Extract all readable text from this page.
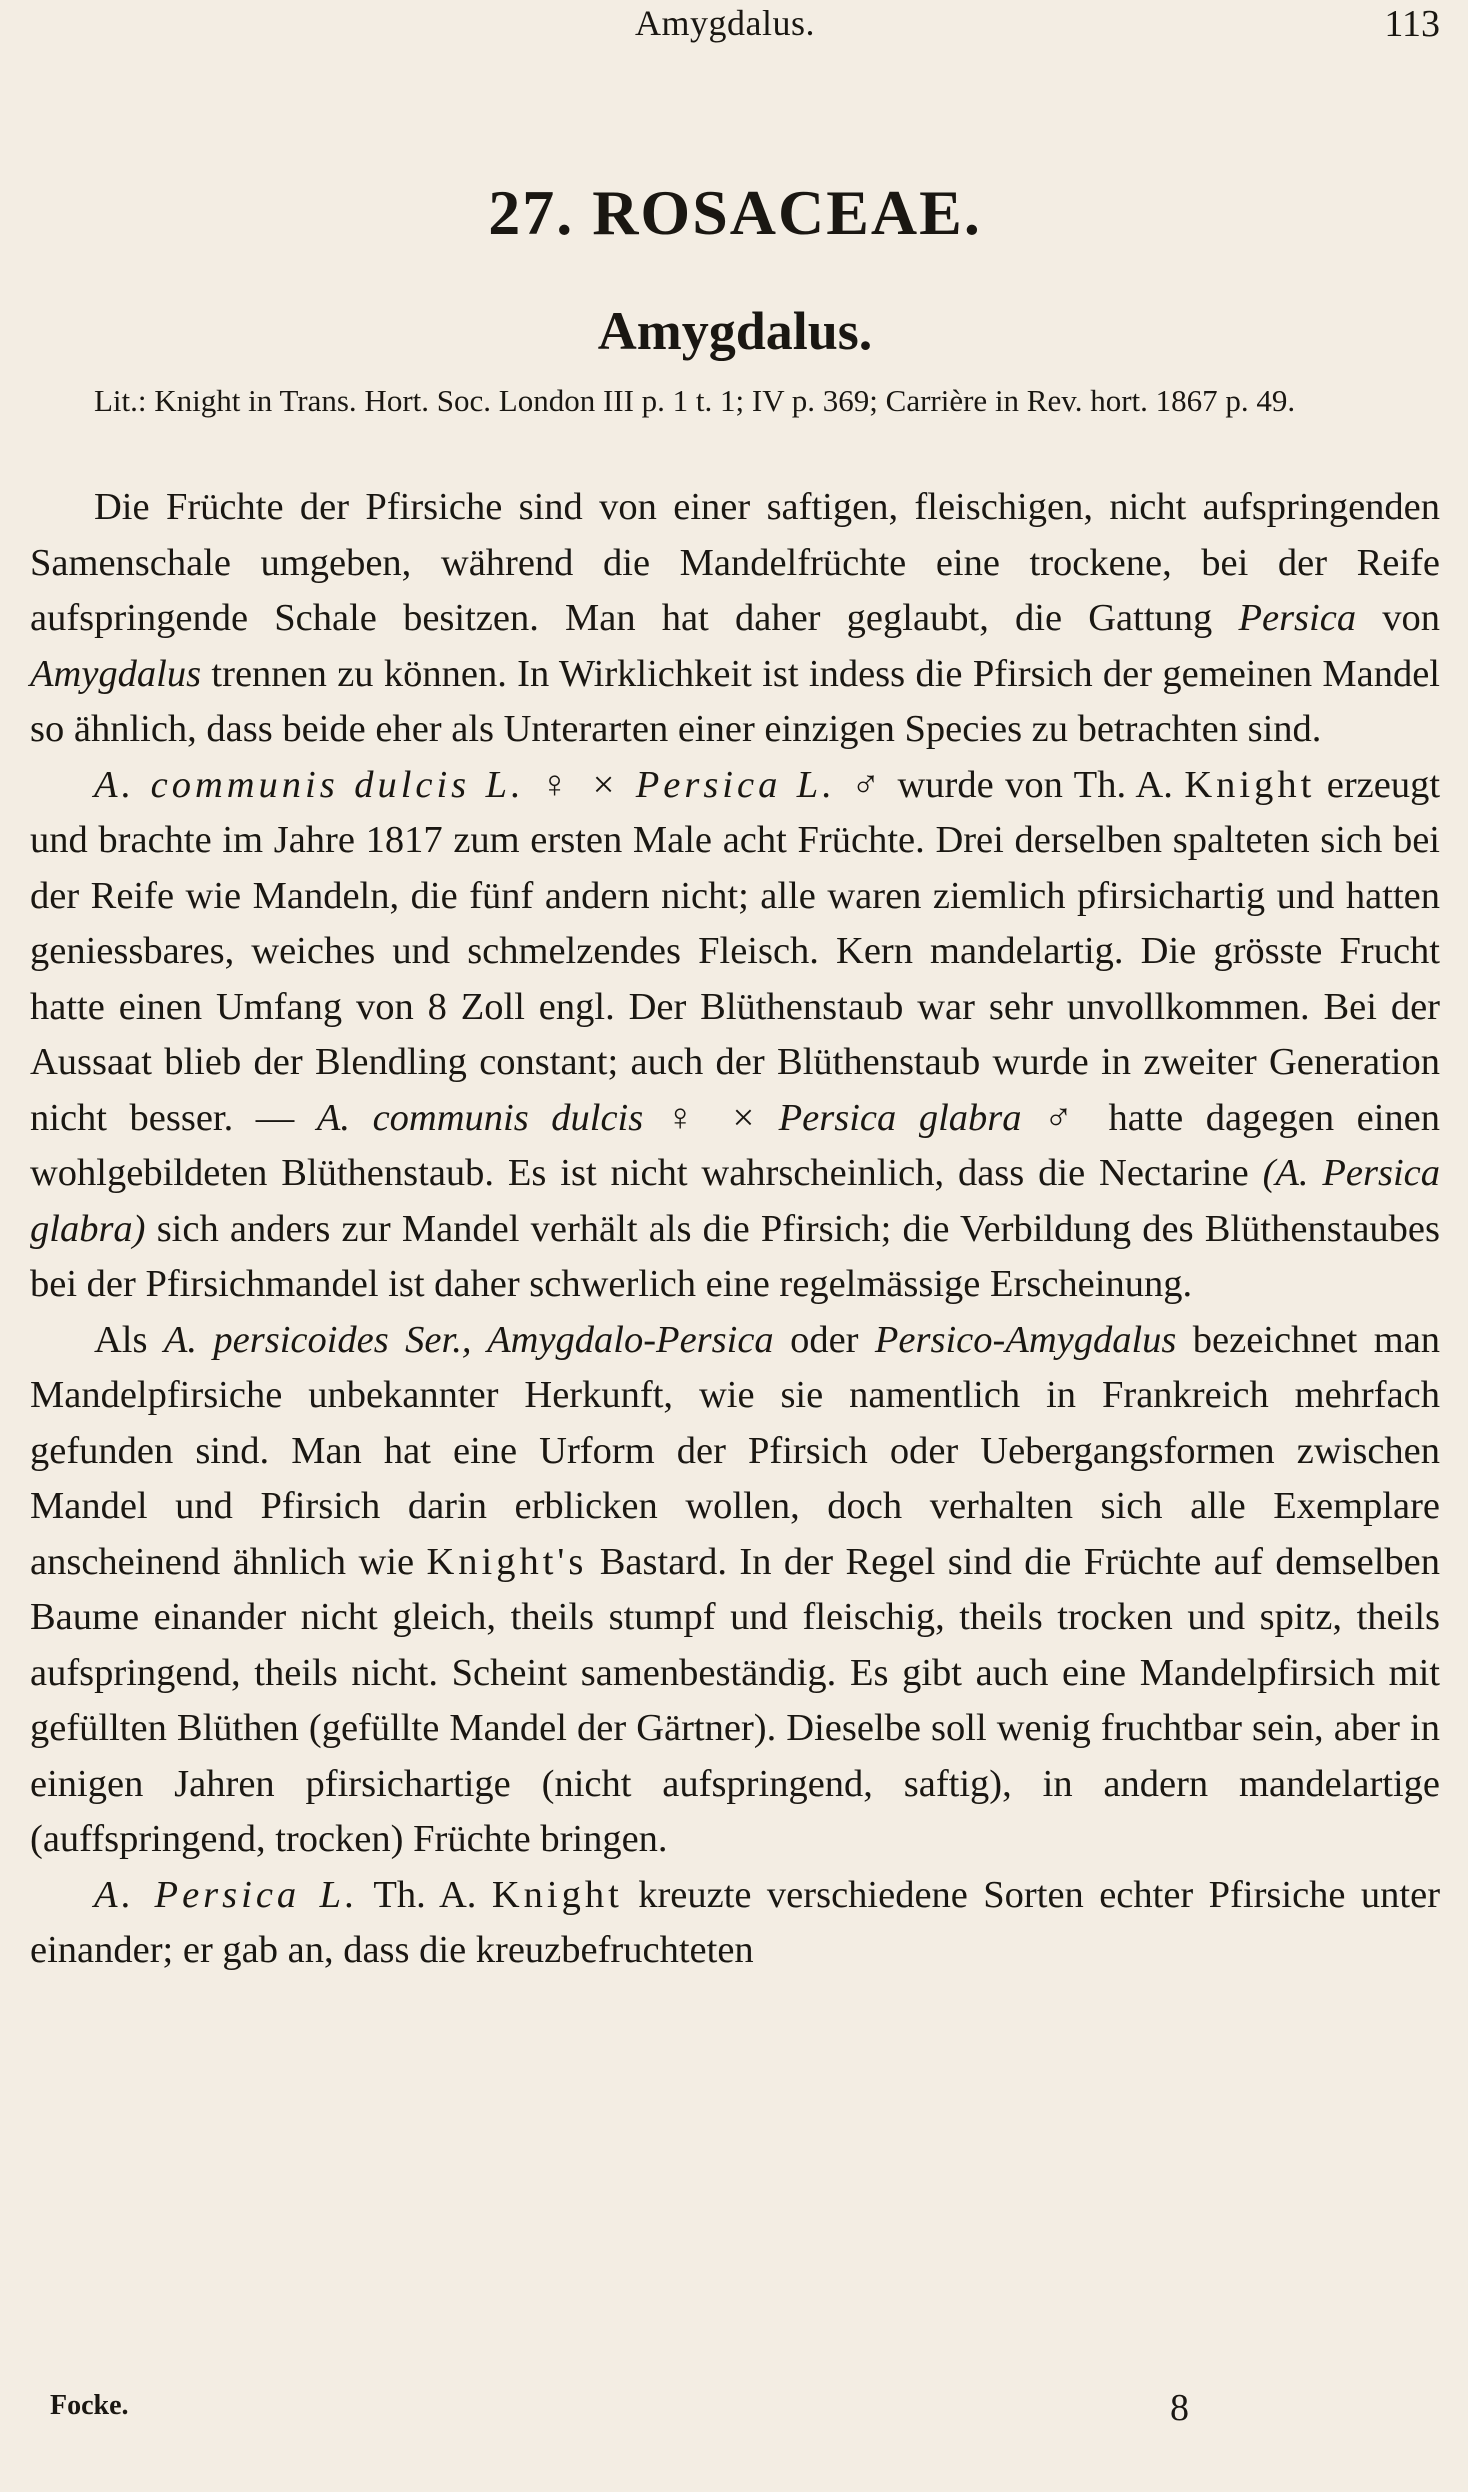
Amygdalus.	113
27. ROSACEAE.
Amygdalus.
Lit.: Knight in Trans. Hort. Soc. London III p. 1 t. 1; IV p. 369; Carrière in Rev. hort. 1867 p. 49.

Die Früchte der Pfirsiche sind von einer saftigen, fleischigen, nicht aufspringenden Samenschale umgeben, während die Mandelfrüchte eine trockene, bei der Reife aufspringende Schale besitzen. Man hat daher geglaubt, die Gattung Persica von Amygdalus trennen zu können. In Wirklichkeit ist indess die Pfirsich der gemeinen Mandel so ähnlich, dass beide eher als Unterarten einer einzigen Species zu betrachten sind.

A. communis dulcis L. ♀ × Persica L. ♂ wurde von Th. A. Knight erzeugt und brachte im Jahre 1817 zum ersten Male acht Früchte. Drei derselben spalteten sich bei der Reife wie Mandeln, die fünf andern nicht; alle waren ziemlich pfirsichartig und hatten geniessbares, weiches und schmelzendes Fleisch. Kern mandelartig. Die grösste Frucht hatte einen Umfang von 8 Zoll engl. Der Blüthenstaub war sehr unvollkommen. Bei der Aussaat blieb der Blendling constant; auch der Blüthenstaub wurde in zweiter Generation nicht besser. — A. communis dulcis ♀ × Persica glabra ♂ hatte dagegen einen wohlgebildeten Blüthenstaub. Es ist nicht wahrscheinlich, dass die Nectarine (A. Persica glabra) sich anders zur Mandel verhält als die Pfirsich; die Verbildung des Blüthenstaubes bei der Pfirsichmandel ist daher schwerlich eine regelmässige Erscheinung.

Als A. persicoides Ser., Amygdalo-Persica oder Persico-Amygdalus bezeichnet man Mandelpfirsiche unbekannter Herkunft, wie sie namentlich in Frankreich mehrfach gefunden sind. Man hat eine Urform der Pfirsich oder Uebergangsformen zwischen Mandel und Pfirsich darin erblicken wollen, doch verhalten sich alle Exemplare anscheinend ähnlich wie Knight's Bastard. In der Regel sind die Früchte auf demselben Baume einander nicht gleich, theils stumpf und fleischig, theils trocken und spitz, theils aufspringend, theils nicht. Scheint samenbeständig. Es gibt auch eine Mandelpfirsich mit gefüllten Blüthen (gefüllte Mandel der Gärtner). Dieselbe soll wenig fruchtbar sein, aber in einigen Jahren pfirsichartige (nicht aufspringend, saftig), in andern mandelartige (auffspringend, trocken) Früchte bringen.

A. Persica L. Th. A. Knight kreuzte verschiedene Sorten echter Pfirsiche unter einander; er gab an, dass die kreuzbefruchteten

Focke.	8
